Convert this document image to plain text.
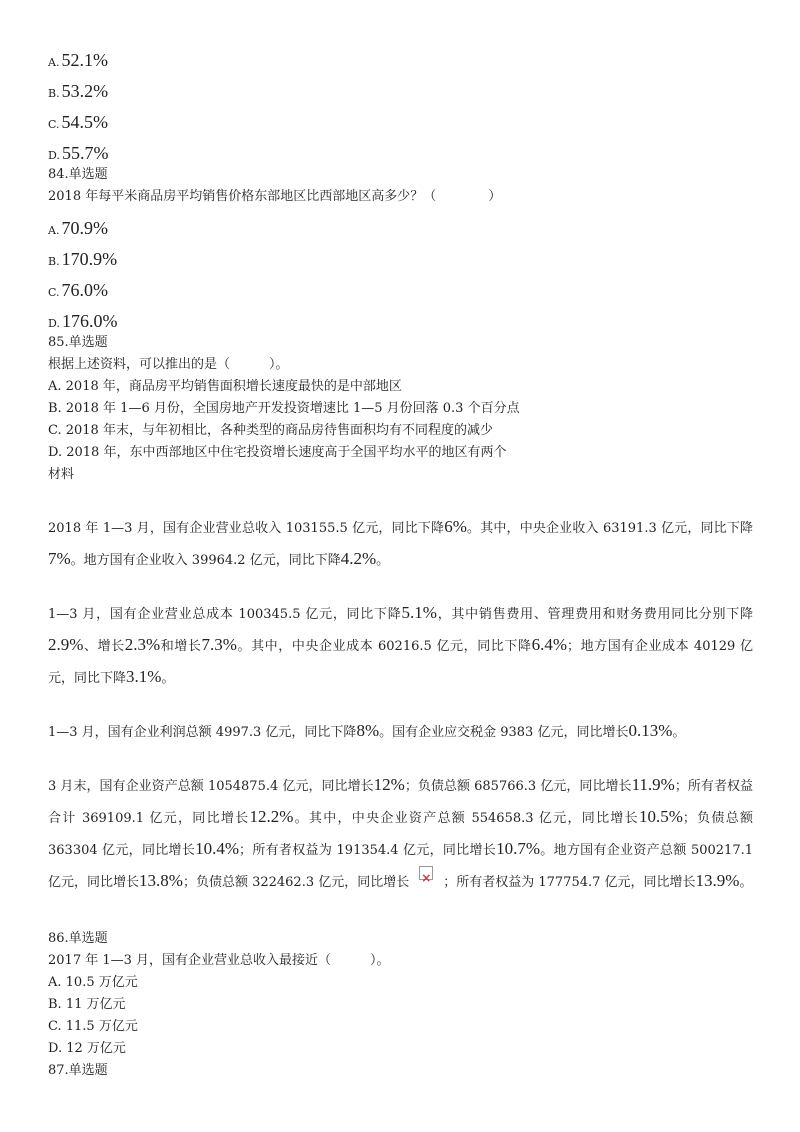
A. 52.1%
B. 53.2%
C. 54.5%
D. 55.7%
84.单选题
2018 年每平米商品房平均销售价格东部地区比西部地区高多少？（　　　　）
A. 70.9%
B. 170.9%
C. 76.0%
D. 176.0%
85.单选题
根据上述资料，可以推出的是（　　　）。
A. 2018 年，商品房平均销售面积增长速度最快的是中部地区
B. 2018 年 1—6 月份，全国房地产开发投资增速比 1—5 月份回落 0.3 个百分点
C. 2018 年末，与年初相比，各种类型的商品房待售面积均有不同程度的减少
D. 2018 年，东中西部地区中住宅投资增长速度高于全国平均水平的地区有两个
材料
2018 年 1—3 月，国有企业营业总收入 103155.5 亿元，同比下降6%。其中，中央企业收入 63191.3 亿元，同比下降7%。地方国有企业收入 39964.2 亿元，同比下降4.2%。
1—3 月，国有企业营业总成本 100345.5 亿元，同比下降5.1%，其中销售费用、管理费用和财务费用同比分别下降2.9%、增长2.3%和增长7.3%。其中，中央企业成本 60216.5 亿元，同比下降6.4%；地方国有企业成本 40129 亿元，同比下降3.1%。
1—3 月，国有企业利润总额 4997.3 亿元，同比下降8%。国有企业应交税金 9383 亿元，同比增长0.13%。
3 月末，国有企业资产总额 1054875.4 亿元，同比增长12%；负债总额 685766.3 亿元，同比增长11.9%；所有者权益合计 369109.1 亿元，同比增长12.2%。其中，中央企业资产总额 554658.3 亿元，同比增长10.5%；负债总额 363304 亿元，同比增长10.4%；所有者权益为 191354.4 亿元，同比增长10.7%。地方国有企业资产总额 500217.1 亿元，同比增长13.8%；负债总额 322462.3 亿元，同比增长×	；所有者权益为 177754.7 亿元，同比增长13.9%。
86.单选题
2017 年 1—3 月，国有企业营业总收入最接近（　　　）。
A. 10.5 万亿元
B. 11 万亿元
C. 11.5 万亿元
D. 12 万亿元
87.单选题
